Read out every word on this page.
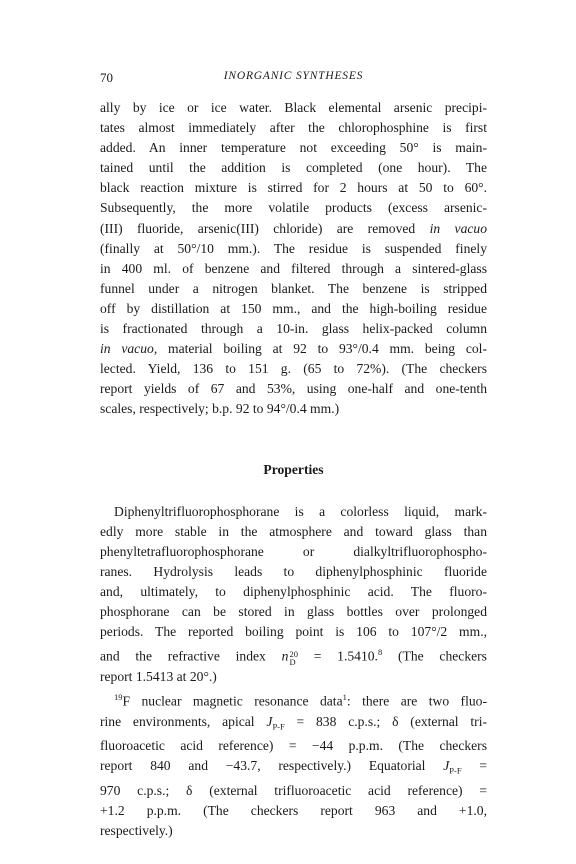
70	INORGANIC SYNTHESES

ally by ice or ice water. Black elemental arsenic precipi-
tates almost immediately after the chlorophosphine is first
added. An inner temperature not exceeding 50° is main-
tained until the addition is completed (one hour). The
black reaction mixture is stirred for 2 hours at 50 to 60°.
Subsequently, the more volatile products (excess arsenic-
(III) fluoride, arsenic(III) chloride) are removed in vacuo
(finally at 50°/10 mm.). The residue is suspended finely
in 400 ml. of benzene and filtered through a sintered-glass
funnel under a nitrogen blanket. The benzene is stripped
off by distillation at 150 mm., and the high-boiling residue
is fractionated through a 10-in. glass helix-packed column
in vacuo, material boiling at 92 to 93°/0.4 mm. being col-
lected. Yield, 136 to 151 g. (65 to 72%). (The checkers
report yields of 67 and 53%, using one-half and one-tenth
scales, respectively; b.p. 92 to 94°/0.4 mm.)

Properties

Diphenyltrifluorophosphorane is a colorless liquid, mark-
edly more stable in the atmosphere and toward glass than
phenyltetrafluorophosphorane or dialkyltrifluorophospho-
ranes. Hydrolysis leads to diphenylphosphinic fluoride
and, ultimately, to diphenylphosphinic acid. The fluoro-
phosphorane can be stored in glass bottles over prolonged
periods. The reported boiling point is 106 to 107°/2 mm.,
and the refractive index n 20
D = 1.5410.$^8$ (The checkers
report 1.5413 at 20°.)

$^{19}$F nuclear magnetic resonance data$^1$: there are two fluo-
rine environments, apical $J_{P-F} = 838$ c.p.s.; δ (external tri-
fluoroacetic acid reference) = −44 p.p.m. (The checkers
report 840 and −43.7, respectively.) Equatorial $J_{P-F}$ =
970 c.p.s.; δ (external trifluoroacetic acid reference) =
+1.2 p.p.m. (The checkers report 963 and +1.0,
respectively.)
